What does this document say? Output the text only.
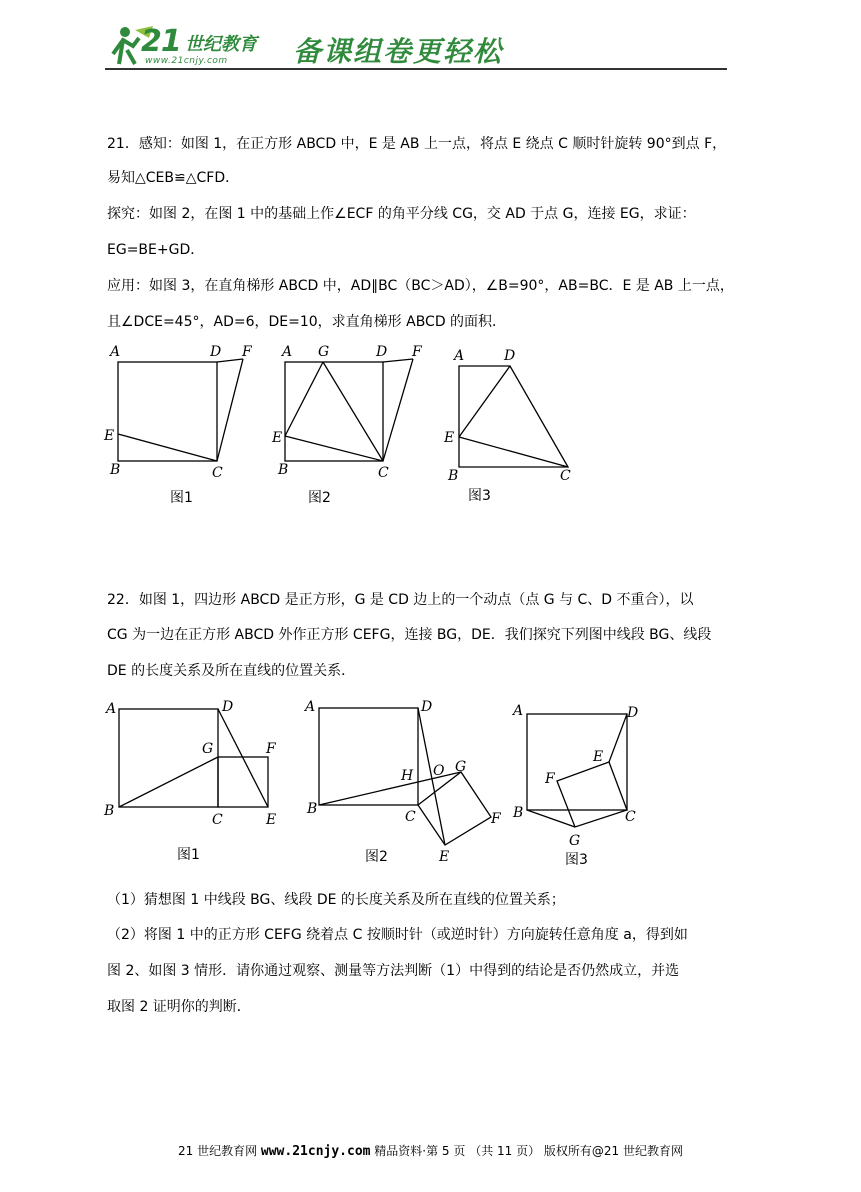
21 世纪教育
www.21cnjy.com 备课组卷更轻松
21．感知：如图 1，在正方形 ABCD 中，E 是 AB 上一点，将点 E 绕点 C 顺时针旋转 90°到点 F，
易知△CEB≌△CFD．
探究：如图 2，在图 1 中的基础上作∠ECF 的角平分线 CG，交 AD 于点 G，连接 EG，求证：
EG=BE+GD．
应用：如图 3，在直角梯形 ABCD 中，AD∥BC（BC＞AD），∠B=90°，AB=BC．E 是 AB 上一点，
且∠DCE=45°，AD=6，DE=10，求直角梯形 ABCD 的面积．
A	D F
E
B	C
图1
A G	D F
E
B	C
图2
A	D
E
B	C
图3
22．如图 1，四边形 ABCD 是正方形，G 是 CD 边上的一个动点（点 G 与 C、D 不重合），以
CG 为一边在正方形 ABCD 外作正方形 CEFG，连接 BG，DE．我们探究下列图中线段 BG、线段
DE 的长度关系及所在直线的位置关系．
A	D
G	F
B
C	E
图1
A	D
H O G
B	C	F
E
图2
A	D
E
F
B	C
G
图3
（1）猜想图 1 中线段 BG、线段 DE 的长度关系及所在直线的位置关系；
（2）将图 1 中的正方形 CEFG 绕着点 C 按顺时针（或逆时针）方向旋转任意角度 a，得到如
图 2、如图 3 情形．请你通过观察、测量等方法判断（1）中得到的结论是否仍然成立，并选
取图 2 证明你的判断．
21 世纪教育网 www.21cnjy.com 精品资料·第 5 页 （共 11 页） 版权所有@21 世纪教育网
